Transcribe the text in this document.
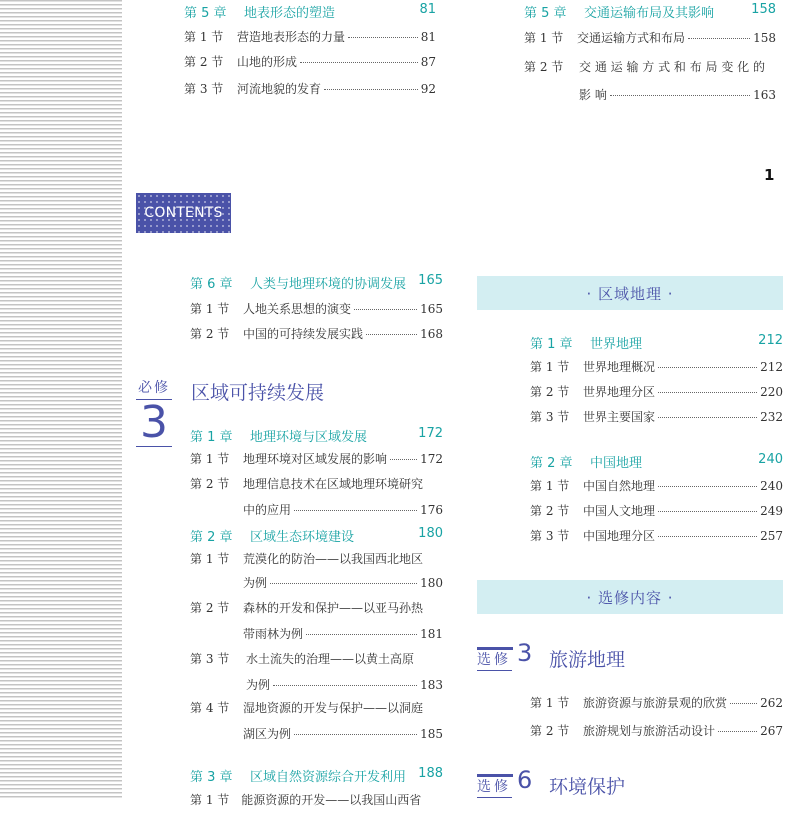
第 5 章 地表形态的塑造	81
第 1 节 营造地表形态的力量	81
第 2 节 山地的形成	87
第 3 节 河流地貌的发育	92
第 5 章 交通运输布局及其影响	158
第 1 节 交通运输方式和布局	158
第 2 节 交 通 运 输 方 式 和 布 局 变 化 的
影 响	163
1
CONTENTS
第 6 章 人类与地理环境的协调发展 165
第 1 节 人地关系思想的演变	165
第 2 节 中国的可持续发展实践	168
第 1 章 地理环境与区域发展	172
第 1 节 地理环境对区域发展的影响	172
第 2 节 地理信息技术在区域地理环境研究
中的应用	176
第 2 章 区域生态环境建设	180
第 1 节 荒漠化的防治——以我国西北地区
为例	180
第 2 节 森林的开发和保护——以亚马孙热
带雨林为例	181
第 3 节 水土流失的治理——以黄土高原
为例	183
第 4 节 湿地资源的开发与保护——以洞庭
湖区为例	185
第 3 章 区域自然资源综合开发利用 188
第 1 节　能源资源的开发——以我国山西省
必修
3
区域可持续发展
· 区域地理 ·
第 1 章 世界地理	212
第 1 节 世界地理概况	212
第 2 节 世界地理分区	220
第 3 节 世界主要国家	232
第 2 章 中国地理	240
第 1 节 中国自然地理	240
第 2 节 中国人文地理	249
第 3 节 中国地理分区	257
第 1 节 旅游资源与旅游景观的欣赏	262
第 2 节 旅游规划与旅游活动设计	267
· 选修内容 ·
选修 3 旅游地理
选修 6 环境保护
